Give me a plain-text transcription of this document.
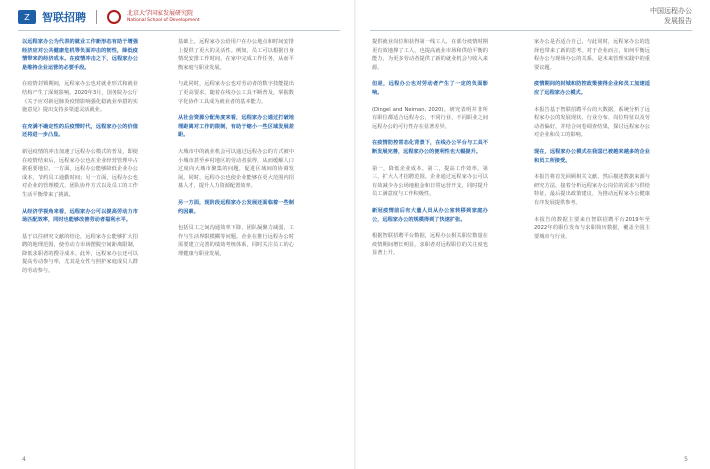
Z	智联招聘	北京大学国家发展研究院
National School of Development
中国远程办公
发展报告

以远程家办公为代表的就业工作新形态有助于增强经济应对公共健康危机等负面冲击的韧性，降低疫情带来的经济成本。在疫情冲击之下，远程家办公是维持企业运营的必要手段。

在疫情封锁期间，远程家办公也对就业形式和就业结构产生了深刻影响。2020年3月，国务院办公厅《关于应对新冠肺炎疫情影响强化稳就业举措的实施意见》提出支持多渠道灵活就业。

在充满不确定性的后疫情时代，远程家办公的价值还将进一步凸显。

新冠疫情的冲击加速了远程办公模式的普及，即使在疫情结束后，远程家办公也在企业经营管理中占据重要地位。一方面，远程办公能够降低企业办公成本，节约员工通勤时间；另一方面，远程办公也对企业的管理模式、团队协作方式以及员工的工作生活平衡带来了挑战。

从经济学视角来看，远程家办公可以提高劳动力市场匹配效率，同时也能够改善劳动者福利水平。

基于以往研究文献的结论，远程家办公能够扩大招聘的地理范围，使劳动力市场摆脱空间距离限制，降低求职者的搜寻成本。此外，远程家办公还可以提高劳动参与率，尤其是女性与照护家庭成员人群的劳动参与。

基础上，远程家办公给用户在办公地点和时间安排上提供了更大的灵活性。例如，员工可以根据自身情况安排工作时间，在家中完成工作任务，从而平衡家庭与职业发展。

与此同时，远程家办公也对劳动者的数字技能提出了更高要求。随着在线办公工具不断普及，掌握数字化协作工具成为就业者的基本能力。

从社会资源分配角度来看，远程家办公通过打破地理距离对工作的限制，有助于缩小一些区域发展差距。

大城市中的就业机会可以通过远程办公的方式被中小城市甚至乡村地区的劳动者获得，从而缓解人口过度向大城市聚集的问题，促进区域间的协调发展。同时，远程办公也使企业能够在更大范围内招募人才，提升人力资源配置效率。

另一方面，现阶段远程家办公发展还面临着一些制约因素。

包括员工之间沟通效率下降、团队凝聚力减弱、工作与生活界限模糊等问题。企业在推行远程办公时需要建立完善的绩效考核体系，同时关注员工的心理健康与职业发展。

提供就业岗位和获得第一线工人，在部分疫情时期更有效地撑了工人，也提高就业市场和供给平衡的能力，为更多劳动者提供了新的就业机会与收入来源。

但是，远程办公也对劳动者产生了一定的负面影响。

(Dingel and Neiman, 2020)。研究表明并非所有职位都适合远程办公，不同行业、不同职业之间远程办公的可行性存在显著差异。

在疫情防控常态化背景下，在线办公平台与工具不断发展完善，远程家办公的便利性也大幅提升。

第一，降低企业成本。第二，提高工作效率。第三，扩大人才招聘范围。企业通过远程家办公可以有效减少办公场地租金和日常运营开支，同时提升员工满意度与工作积极性。

新冠疫情前后有大量人员从办公室转移到家庭办公，远程家办公的规模得到了快速扩张。

根据智联招聘平台数据，远程办公相关职位数量在疫情期间增长明显，求职者对远程职位的关注度也显著上升。

家办公是否适合自己，与此同时，远程家办公的选择也带来了新的思考。对于企业而言，如何平衡远程办公与现场办公的关系，是未来管理实践中的重要议题。

疫情期间的封城和防控政策使得企业和员工加速适应了远程家办公模式。

本报告基于智联招聘平台的大数据，系统分析了远程家办公的发展现状、行业分布、岗位特征以及劳动者偏好，并结合问卷调查结果，探讨远程家办公对企业和员工的影响。

现在，远程家办公模式在我国已被越来越多的企业和员工所接受。

本报告将首先回顾相关文献，然后描述数据来源与研究方法，接着分析远程家办公岗位的需求与供给特征，最后提出政策建议，为推动远程家办公健康有序发展提供参考。

本报告的数据主要来自智联招聘平台2019年至2022年的职位发布与求职简历数据，覆盖全国主要城市与行业。

4	5
